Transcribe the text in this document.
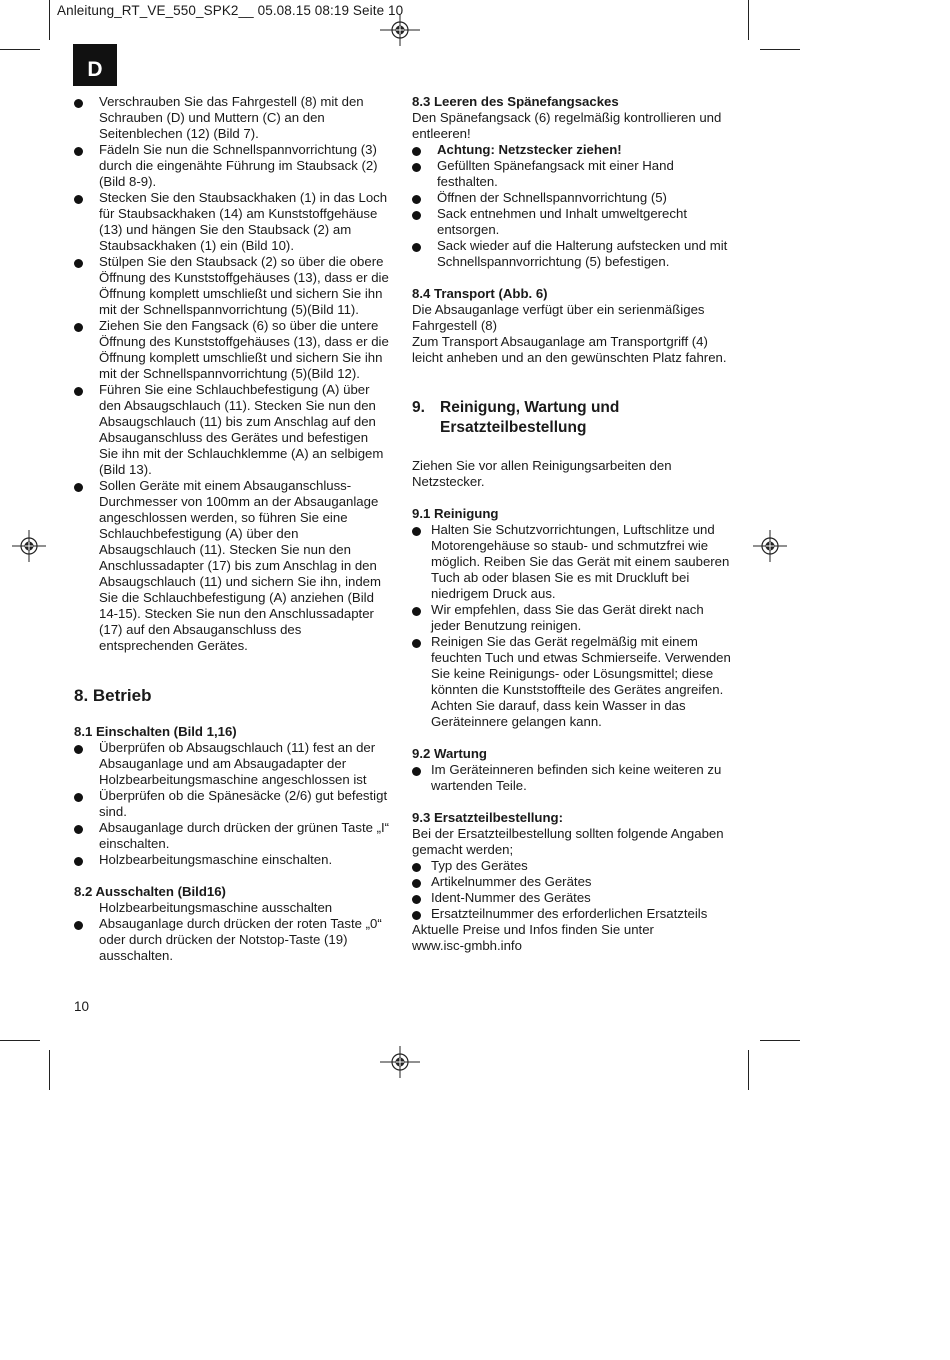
Anleitung_RT_VE_550_SPK2__ 05.08.15 08:19 Seite 10
D
Verschrauben Sie das Fahrgestell (8) mit den Schrauben (D) und Muttern (C) an den Seitenblechen (12) (Bild 7).
Fädeln Sie nun die Schnellspannvorrichtung (3) durch die eingenähte Führung im Staubsack (2) (Bild 8-9).
Stecken Sie den Staubsackhaken (1) in das Loch für Staubsackhaken (14) am Kunststoffgehäuse (13) und hängen Sie den Staubsack (2) am Staubsackhaken (1) ein (Bild 10).
Stülpen Sie den Staubsack (2) so über die obere Öffnung des Kunststoffgehäuses (13), dass er die Öffnung komplett umschließt und sichern Sie ihn mit der Schnellspannvorrichtung (5)(Bild 11).
Ziehen Sie den Fangsack (6) so über die untere Öffnung des Kunststoffgehäuses (13), dass er die Öffnung komplett umschließt und sichern Sie ihn mit der Schnellspannvorrichtung (5)(Bild 12).
Führen Sie eine Schlauchbefestigung (A) über den Absaugschlauch (11). Stecken Sie nun den Absaugschlauch (11) bis zum Anschlag auf den Absauganschluss des Gerätes und befestigen Sie ihn mit der Schlauchklemme (A) an selbigem (Bild 13).
Sollen Geräte mit einem Absauganschluss-Durchmesser von 100mm an der Absauganlage angeschlossen werden, so führen Sie eine Schlauchbefestigung (A) über den Absaugschlauch (11). Stecken Sie nun den Anschlussadapter (17) bis zum Anschlag in den Absaugschlauch (11) und sichern Sie ihn, indem Sie die Schlauchbefestigung (A) anziehen (Bild 14-15). Stecken Sie nun den Anschlussadapter (17) auf den Absauganschluss des entsprechenden Gerätes.
8. Betrieb

8.1 Einschalten (Bild 1,16)

Überprüfen ob Absaugschlauch (11) fest an der Absauganlage und am Absaugadapter der Holzbearbeitungsmaschine angeschlossen ist
Überprüfen ob die Spänesäcke (2/6) gut befestigt sind.
Absauganlage durch drücken der grünen Taste „I“ einschalten.
Holzbearbeitungsmaschine einschalten.

8.2 Ausschalten (Bild16)

Holzbearbeitungsmaschine ausschalten

Absauganlage durch drücken der roten Taste „0“ oder durch drücken der Notstop-Taste (19) ausschalten.

8.3 Leeren des Spänefangsackes

Den Spänefangsack (6) regelmäßig kontrollieren und entleeren!

Achtung: Netzstecker ziehen!
Gefüllten Spänefangsack mit einer Hand festhalten.
Öffnen der Schnellspannvorrichtung (5)
Sack entnehmen und Inhalt umweltgerecht entsorgen.
Sack wieder auf die Halterung aufstecken und mit Schnellspannvorrichtung (5) befestigen.

8.4 Transport (Abb. 6)

Die Absauganlage verfügt über ein serienmäßiges Fahrgestell (8)

Zum Transport Absauganlage am Transportgriff (4) leicht anheben und an den gewünschten Platz fahren.

9. Reinigung, Wartung und Ersatzteilbestellung

Ziehen Sie vor allen Reinigungsarbeiten den Netzstecker.

9.1 Reinigung

Halten Sie Schutzvorrichtungen, Luftschlitze und Motorengehäuse so staub- und schmutzfrei wie möglich. Reiben Sie das Gerät mit einem sauberen Tuch ab oder blasen Sie es mit Druckluft bei niedrigem Druck aus.
Wir empfehlen, dass Sie das Gerät direkt nach jeder Benutzung reinigen.
Reinigen Sie das Gerät regelmäßig mit einem feuchten Tuch und etwas Schmierseife. Verwenden Sie keine Reinigungs- oder Lösungsmittel; diese könnten die Kunststoffteile des Gerätes angreifen. Achten Sie darauf, dass kein Wasser in das Geräteinnere gelangen kann.

9.2 Wartung

Im Geräteinneren befinden sich keine weiteren zu wartenden Teile.

9.3 Ersatzteilbestellung:

Bei der Ersatzteilbestellung sollten folgende Angaben gemacht werden;

Typ des Gerätes
Artikelnummer des Gerätes
Ident-Nummer des Gerätes
Ersatzteilnummer des erforderlichen Ersatzteils

Aktuelle Preise und Infos finden Sie unter

www.isc-gmbh.info

10
